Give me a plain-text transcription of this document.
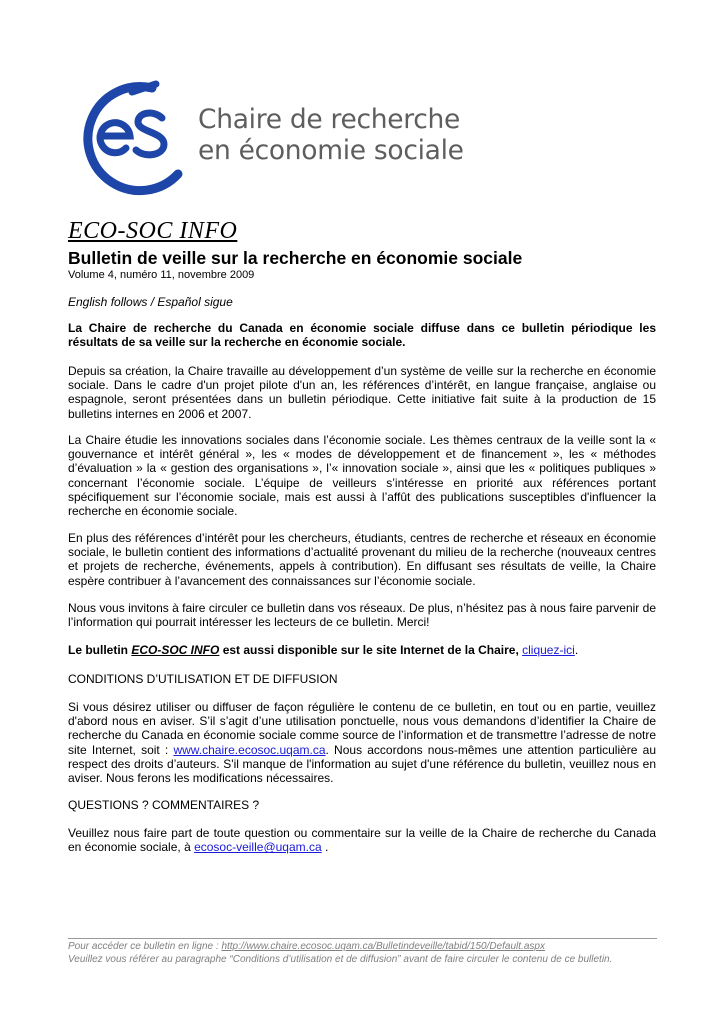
Chaire de recherche
en économie sociale
ECO-SOC INFO
Bulletin de veille sur la recherche en économie sociale
Volume 4, numéro 11, novembre 2009
English follows / Español sigue

La Chaire de recherche du Canada en économie sociale diffuse dans ce bulletin périodique les résultats de sa veille sur la recherche en économie sociale.

Depuis sa création, la Chaire travaille au développement d’un système de veille sur la recherche en économie sociale. Dans le cadre d'un projet pilote d'un an, les références d’intérêt, en langue française, anglaise ou espagnole, seront présentées dans un bulletin périodique. Cette initiative fait suite à la production de 15 bulletins internes en 2006 et 2007.

La Chaire étudie les innovations sociales dans l’économie sociale. Les thèmes centraux de la veille sont la « gouvernance et intérêt général », les « modes de développement et de financement », les « méthodes d’évaluation » la « gestion des organisations », l’« innovation sociale », ainsi que les « politiques publiques » concernant l’économie sociale. L’équipe de veilleurs s’intéresse en priorité aux références portant spécifiquement sur l’économie sociale, mais est aussi à l’affût des publications susceptibles d'influencer la recherche en économie sociale.

En plus des références d’intérêt pour les chercheurs, étudiants, centres de recherche et réseaux en économie sociale, le bulletin contient des informations d’actualité provenant du milieu de la recherche (nouveaux centres et projets de recherche, événements, appels à contribution). En diffusant ses résultats de veille, la Chaire espère contribuer à l’avancement des connaissances sur l’économie sociale.

Nous vous invitons à faire circuler ce bulletin dans vos réseaux. De plus, n’hésitez pas à nous faire parvenir de l’information qui pourrait intéresser les lecteurs de ce bulletin. Merci!

Le bulletin ECO-SOC INFO est aussi disponible sur le site Internet de la Chaire, cliquez-ici.

CONDITIONS D’UTILISATION ET DE DIFFUSION

Si vous désirez utiliser ou diffuser de façon régulière le contenu de ce bulletin, en tout ou en partie, veuillez d'abord nous en aviser. S’il s’agit d’une utilisation ponctuelle, nous vous demandons d’identifier la Chaire de recherche du Canada en économie sociale comme source de l’information et de transmettre l’adresse de notre site Internet, soit : www.chaire.ecosoc.uqam.ca. Nous accordons nous-mêmes une attention particulière au respect des droits d’auteurs. S'il manque de l'information au sujet d'une référence du bulletin, veuillez nous en aviser. Nous ferons les modifications nécessaires.

QUESTIONS ? COMMENTAIRES ?

Veuillez nous faire part de toute question ou commentaire sur la veille de la Chaire de recherche du Canada en économie sociale, à ecosoc-veille@uqam.ca .

Pour accéder ce bulletin en ligne : http://www.chaire.ecosoc.uqam.ca/Bulletindeveille/tabid/150/Default.aspx

Veuillez vous référer au paragraphe “Conditions d’utilisation et de diffusion” avant de faire circuler le contenu de ce bulletin.
